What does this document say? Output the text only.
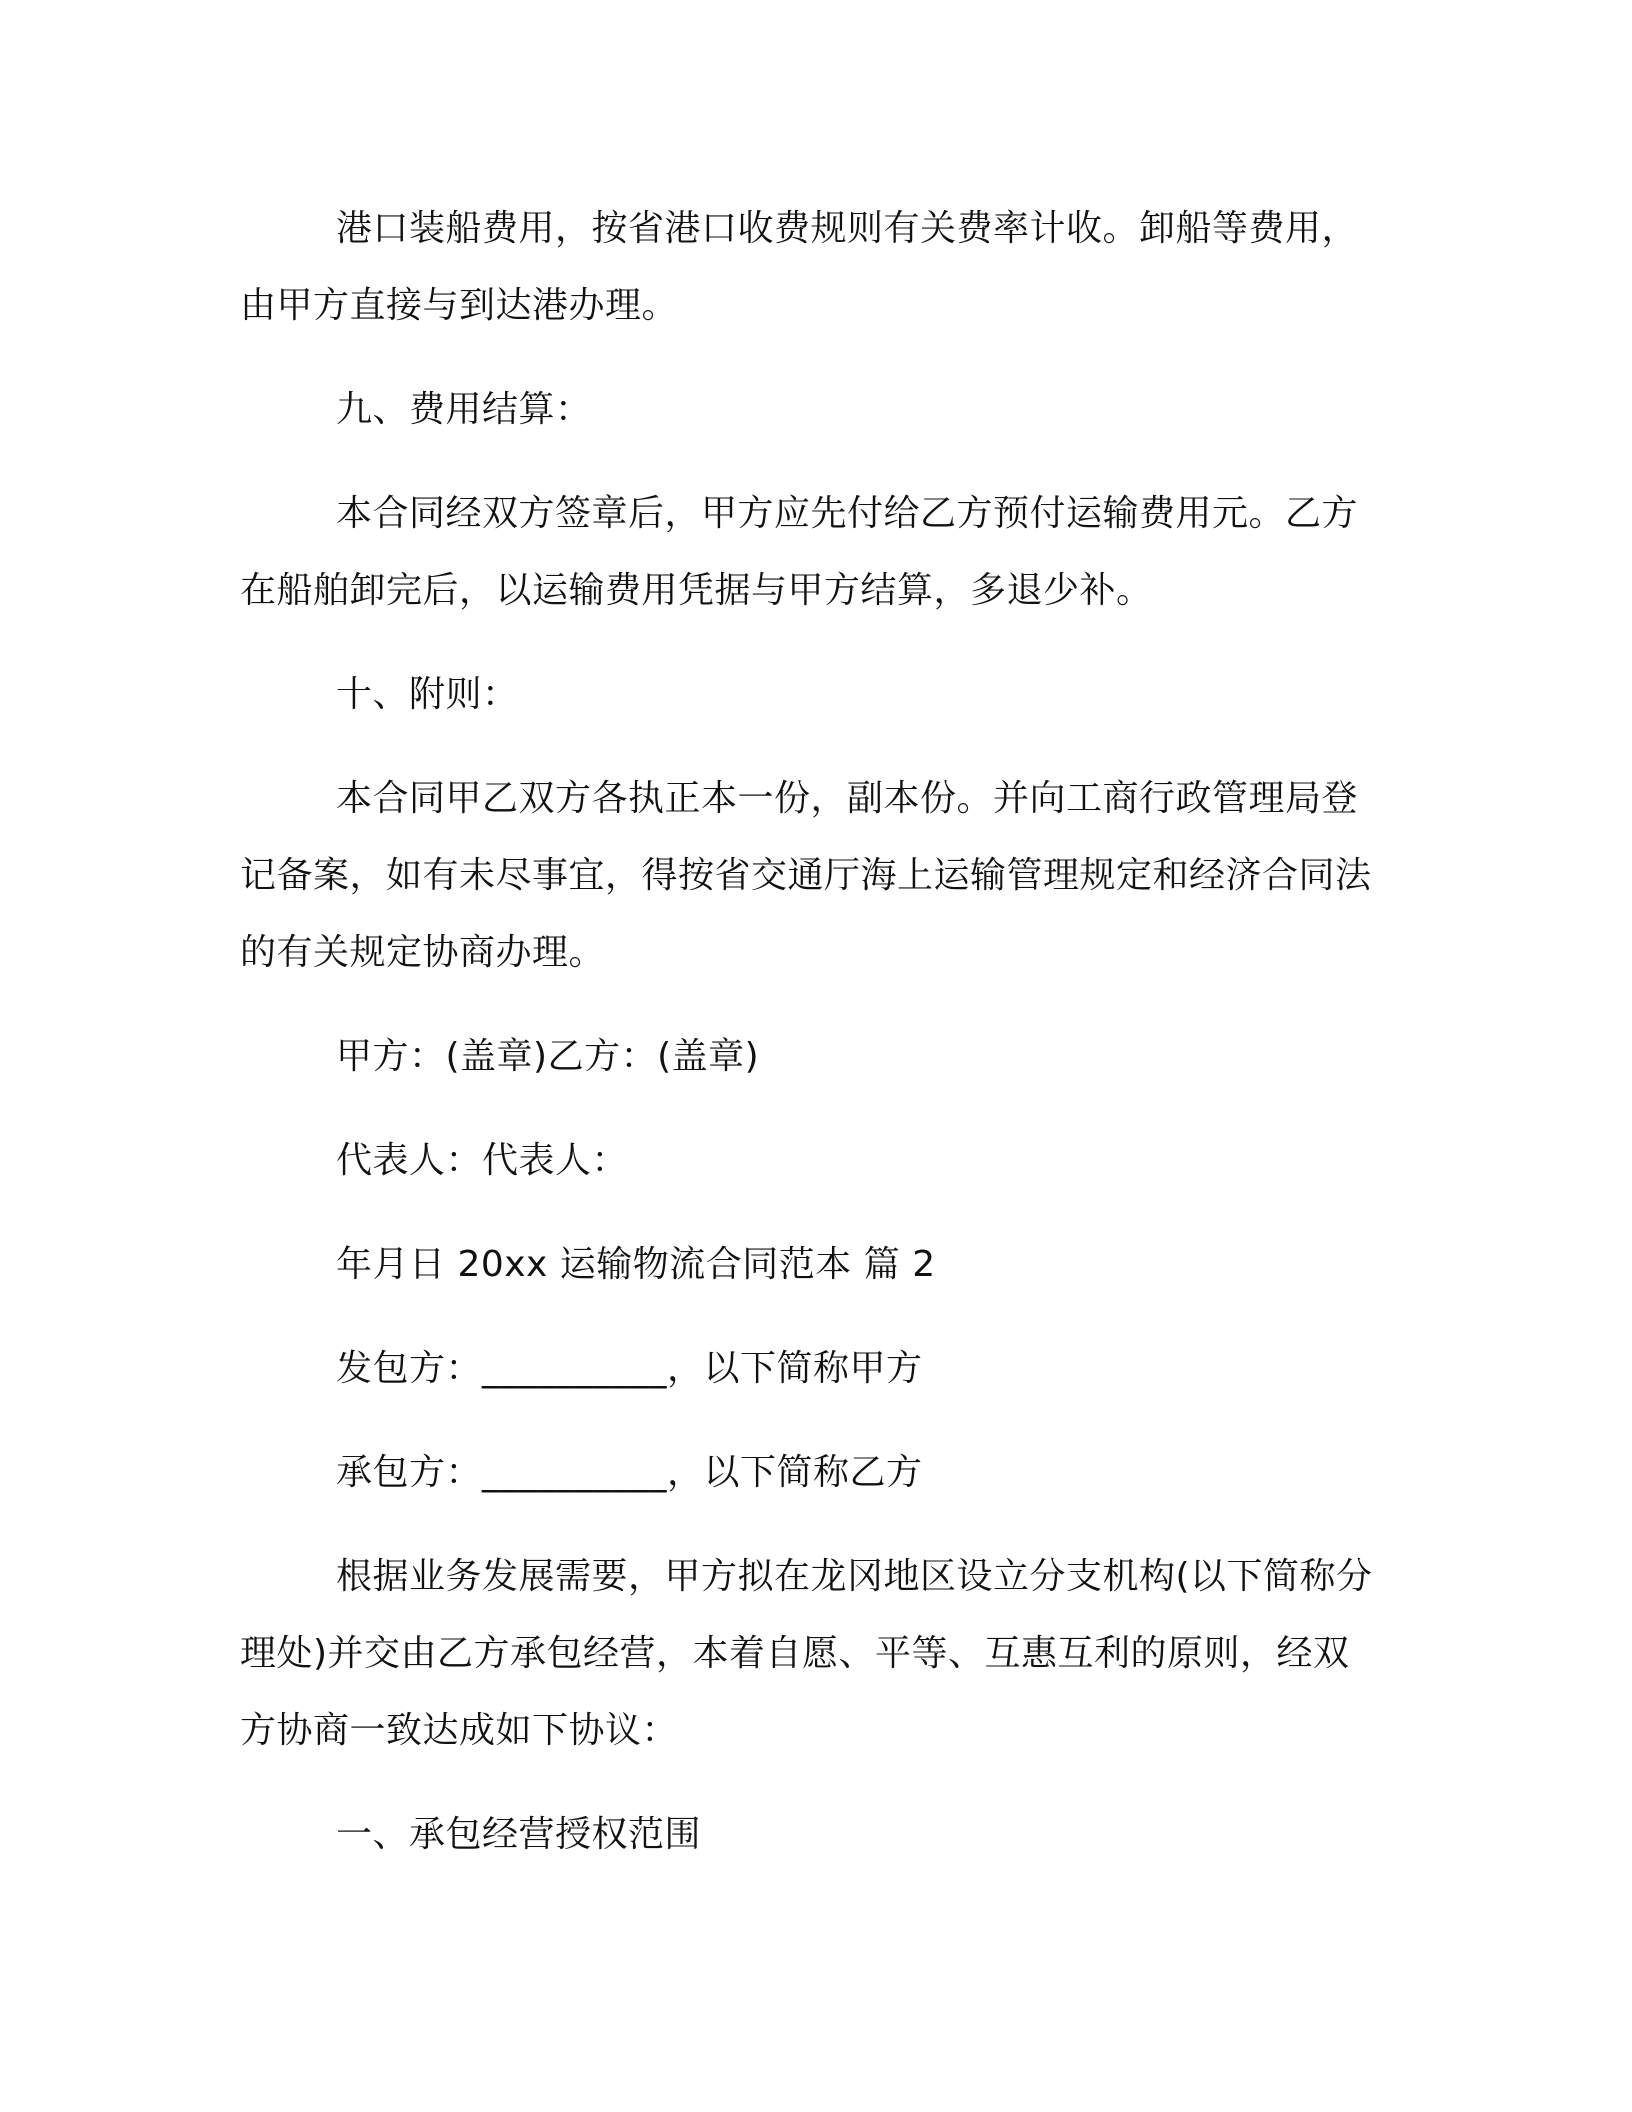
港口装船费用，按省港口收费规则有关费率计收。卸船等费用，由甲方直接与到达港办理。

九、费用结算：

本合同经双方签章后，甲方应先付给乙方预付运输费用元。乙方在船舶卸完后，以运输费用凭据与甲方结算，多退少补。

十、附则：

本合同甲乙双方各执正本一份，副本份。并向工商行政管理局登记备案，如有未尽事宜，得按省交通厅海上运输管理规定和经济合同法的有关规定协商办理。

甲方：(盖章)乙方：(盖章)

代表人：代表人：

年月日 20xx 运输物流合同范本 篇 2

发包方：__________，以下简称甲方

承包方：__________，以下简称乙方

根据业务发展需要，甲方拟在龙冈地区设立分支机构(以下简称分理处)并交由乙方承包经营，本着自愿、平等、互惠互利的原则，经双方协商一致达成如下协议：

一、承包经营授权范围
